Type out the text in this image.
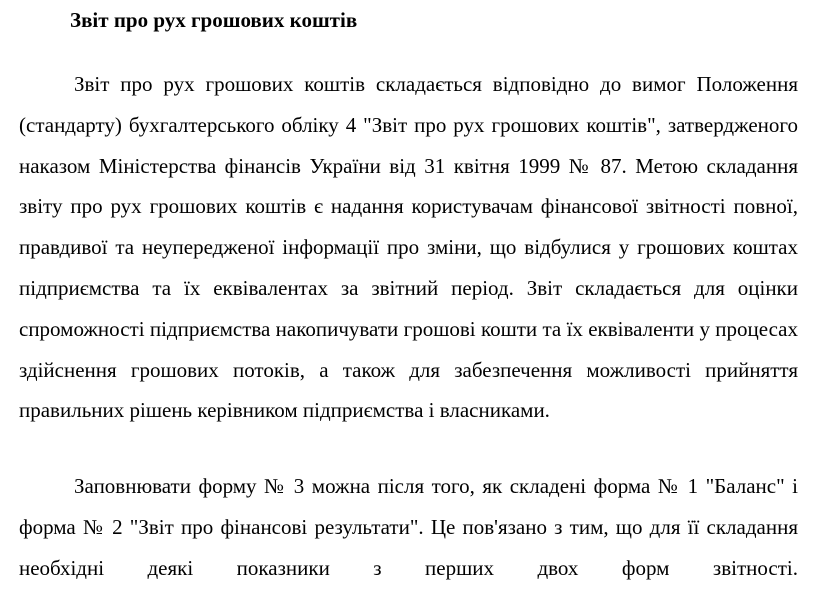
Звіт про рух грошових коштів

Звіт про рух грошових коштів складається відповідно до вимог Положення (стандарту) бухгалтерського обліку 4 "Звіт про рух грошових коштів", затвердженого наказом Міністерства фінансів України від 31 квітня 1999 № 87. Метою складання звіту про рух грошових коштів є надання користувачам фінансової звітності повної, правдивої та неупередженої інформації про зміни, що відбулися у грошових коштах підприємства та їх еквівалентах за звітний період. Звіт складається для оцінки спроможності підприємства накопичувати грошові кошти та їх еквіваленти у процесах здійснення грошових потоків, а також для забезпечення можливості прийняття правильних рішень керівником підприємства і власниками.

Заповнювати форму № 3 можна після того, як складені форма № 1 "Баланс" і форма № 2 "Звіт про фінансові результати". Це пов'язано з тим, що для її складання необхідні деякі показники з перших двох форм звітності.
